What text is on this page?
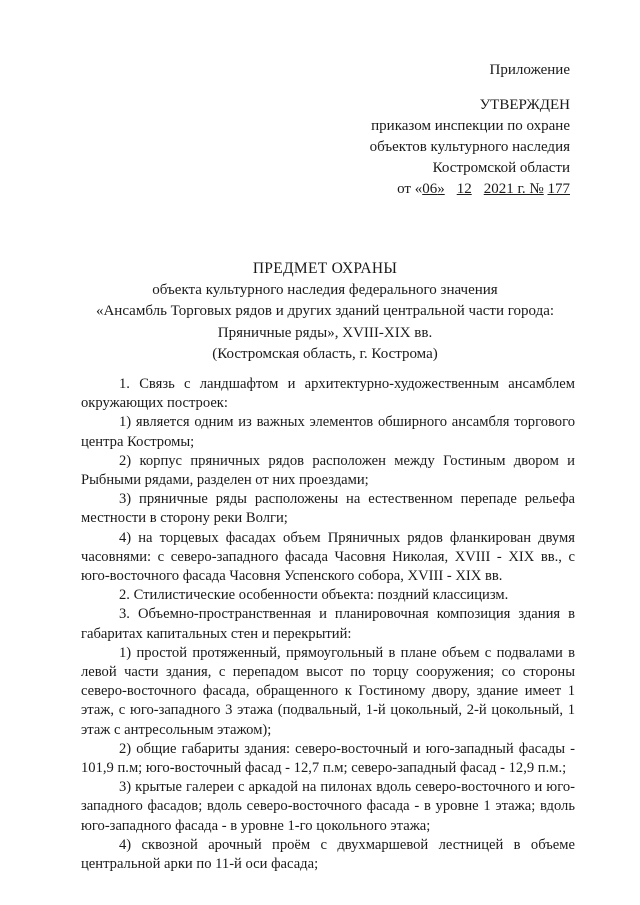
Приложение
УТВЕРЖДЕН
приказом инспекции по охране
объектов культурного наследия
Костромской области
от «06» 12 2021 г. № 177
ПРЕДМЕТ ОХРАНЫ
объекта культурного наследия федерального значения
«Ансамбль Торговых рядов и других зданий центральной части города:
Пряничные ряды», XVIII-XIX вв.
(Костромская область, г. Кострома)

1. Связь с ландшафтом и архитектурно-художественным ансамблем окружающих построек:

1) является одним из важных элементов обширного ансамбля торгового центра Костромы;

2) корпус пряничных рядов расположен между Гостиным двором и Рыбными рядами, разделен от них проездами;

3) пряничные ряды расположены на естественном перепаде рельефа местности в сторону реки Волги;

4) на торцевых фасадах объем Пряничных рядов фланкирован двумя часовнями: с северо-западного фасада Часовня Николая, XVIII - XIX вв., с юго-восточного фасада Часовня Успенского собора, XVIII - XIX вв.

2. Стилистические особенности объекта: поздний классицизм.

3. Объемно-пространственная и планировочная композиция здания в габаритах капитальных стен и перекрытий:

1) простой протяженный, прямоугольный в плане объем с подвалами в левой части здания, с перепадом высот по торцу сооружения; со стороны северо-восточного фасада, обращенного к Гостиному двору, здание имеет 1 этаж, с юго-западного 3 этажа (подвальный, 1-й цокольный, 2-й цокольный, 1 этаж с антресольным этажом);

2) общие габариты здания: северо-восточный и юго-западный фасады - 101,9 п.м; юго-восточный фасад - 12,7 п.м; северо-западный фасад - 12,9 п.м.;

3) крытые галереи с аркадой на пилонах вдоль северо-восточного и юго-западного фасадов; вдоль северо-восточного фасада - в уровне 1 этажа; вдоль юго-западного фасада - в уровне 1-го цокольного этажа;

4) сквозной арочный проём с двухмаршевой лестницей в объеме центральной арки по 11-й оси фасада;
